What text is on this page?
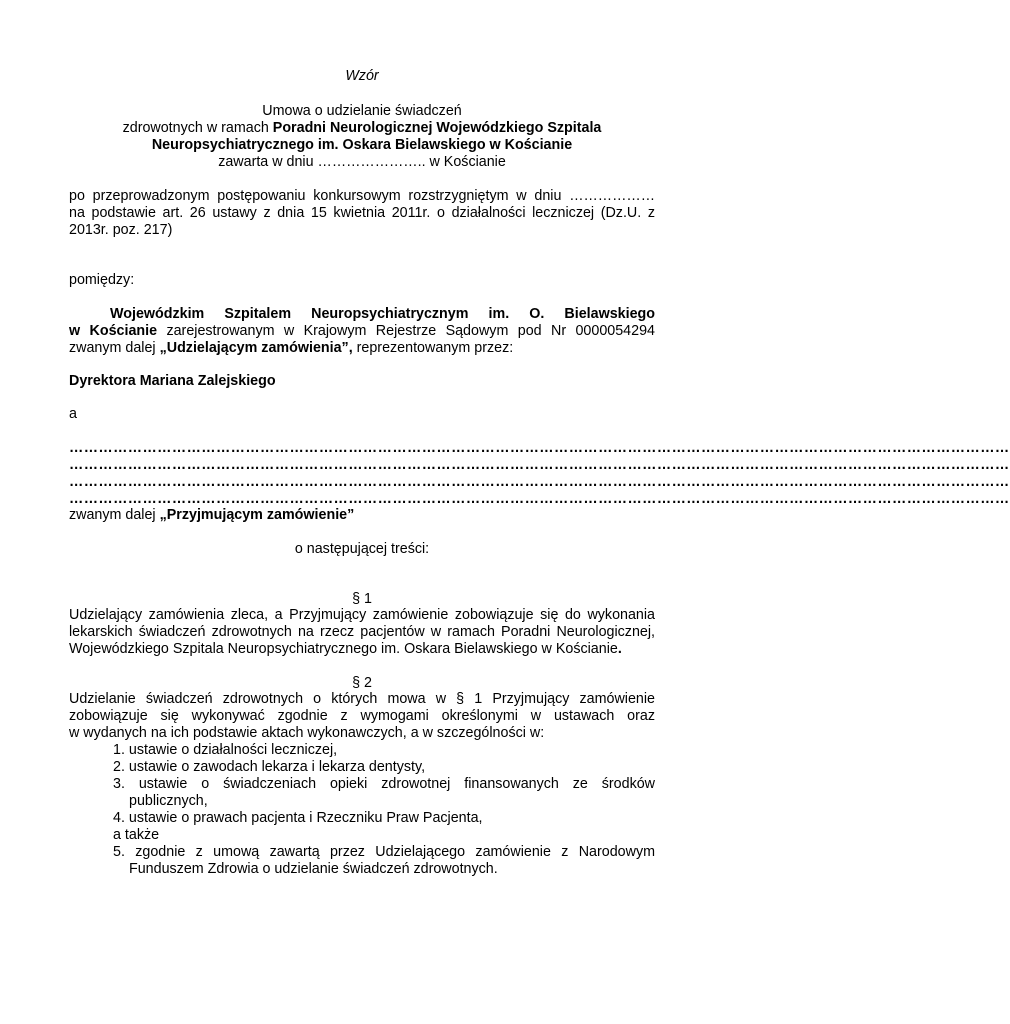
Wzór
Umowa o udzielanie świadczeń
zdrowotnych w ramach Poradni Neurologicznej Wojewódzkiego Szpitala
Neuropsychiatrycznego im. Oskara Bielawskiego w Kościanie
zawarta w dniu ………………….. w Kościanie
po przeprowadzonym postępowaniu konkursowym rozstrzygniętym w dniu ………………
na podstawie art. 26 ustawy z dnia 15 kwietnia 2011r. o działalności leczniczej (Dz.U. z
2013r. poz. 217)
pomiędzy:
Wojewódzkim Szpitalem Neuropsychiatrycznym im. O. Bielawskiego
w Kościanie zarejestrowanym w Krajowym Rejestrze Sądowym pod Nr 0000054294
zwanym dalej „Udzielającym zamówienia”, reprezentowanym przez:
Dyrektora Mariana Zalejskiego
a
…………………………………………………………………………………………………………………………………………………………………………
…………………………………………………………………………………………………………………………………………………………………………
…………………………………………………………………………………………………………………………………………………………………………
…………………………………………………………………………………………………………………………………………………………………………
zwanym dalej „Przyjmującym zamówienie”
o następującej treści:
§ 1
Udzielający zamówienia zleca, a Przyjmujący zamówienie zobowiązuje się do wykonania
lekarskich świadczeń zdrowotnych na rzecz pacjentów w ramach Poradni Neurologicznej,
Wojewódzkiego Szpitala Neuropsychiatrycznego im. Oskara Bielawskiego w Kościanie.
§ 2
Udzielanie świadczeń zdrowotnych o których mowa w § 1 Przyjmujący zamówienie
zobowiązuje się wykonywać zgodnie z wymogami określonymi w ustawach oraz
w wydanych na ich podstawie aktach wykonawczych, a w szczególności w:
1. ustawie o działalności leczniczej,
2. ustawie o zawodach lekarza i lekarza dentysty,
3. ustawie o świadczeniach opieki zdrowotnej finansowanych ze środków
publicznych,
4. ustawie o prawach pacjenta i Rzeczniku Praw Pacjenta,
a także
5. zgodnie z umową zawartą przez Udzielającego zamówienie z Narodowym
Funduszem Zdrowia o udzielanie świadczeń zdrowotnych.
